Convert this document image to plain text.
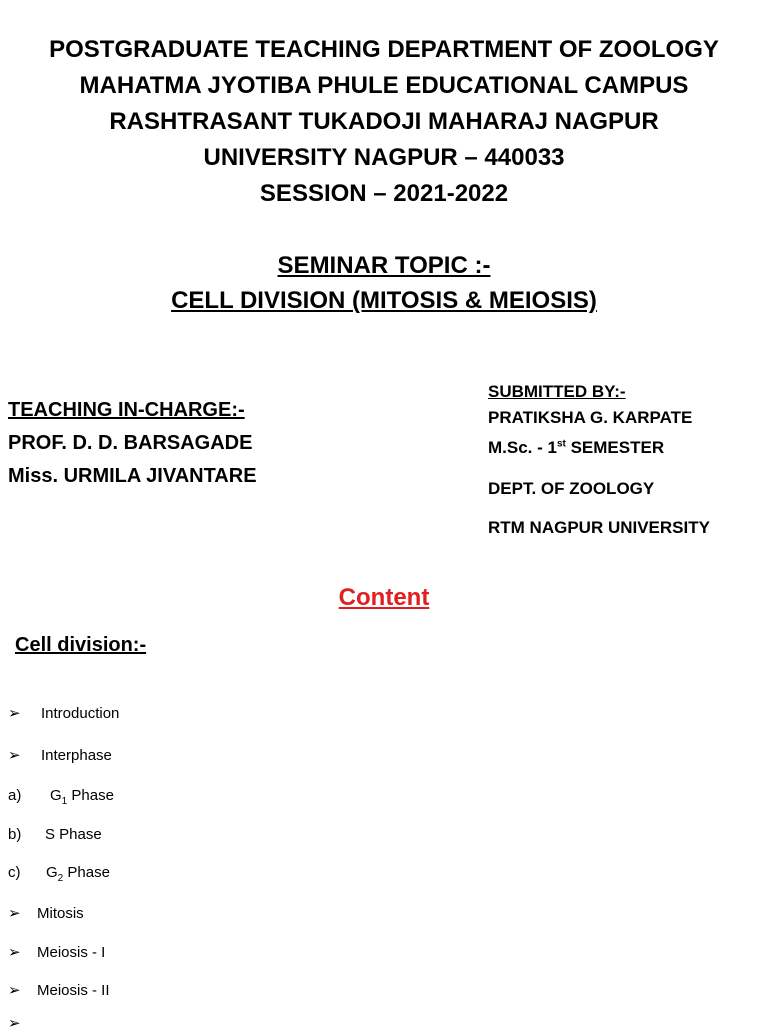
POSTGRADUATE TEACHING DEPARTMENT OF ZOOLOGY
MAHATMA JYOTIBA PHULE EDUCATIONAL CAMPUS
RASHTRASANT TUKADOJI MAHARAJ NAGPUR
UNIVERSITY NAGPUR – 440033
SESSION – 2021-2022
SEMINAR TOPIC :-
CELL DIVISION (MITOSIS & MEIOSIS)
TEACHING IN-CHARGE:-
PROF. D. D. BARSAGADE
Miss. URMILA JIVANTARE
SUBMITTED BY:-
PRATIKSHA G. KARPATE
M.Sc. - 1st SEMESTER
DEPT. OF ZOOLOGY
RTM NAGPUR UNIVERSITY
Content
Cell division:-
➢ Introduction
➢ Interphase
a) $G_1$ Phase
b) S Phase
c) $G_2$ Phase
➢ Mitosis
➢ Meiosis - I
➢ Meiosis - II
➢
